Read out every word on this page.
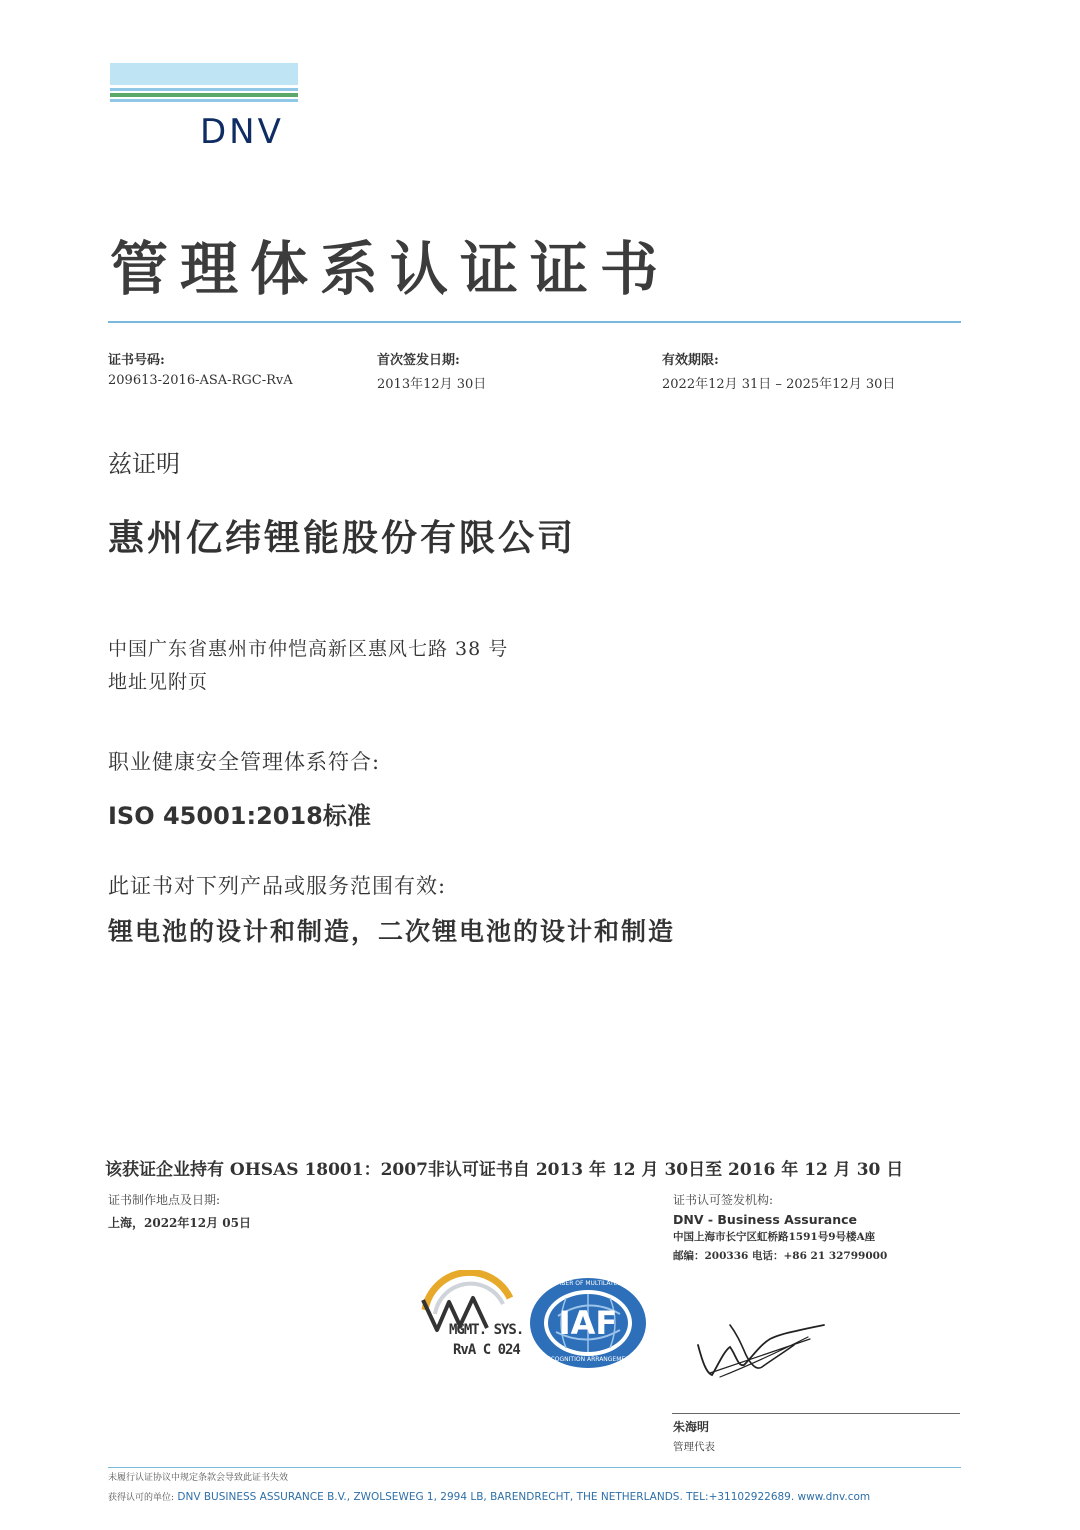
DNV
管理体系认证证书
证书号码:
209613-2016-ASA-RGC-RvA
首次签发日期:
2013年12月 30日
有效期限:
2022年12月 31日 – 2025年12月 30日
兹证明
惠州亿纬锂能股份有限公司
中国广东省惠州市仲恺高新区惠风七路 38 号
地址见附页
职业健康安全管理体系符合:
ISO 45001:2018标准
此证书对下列产品或服务范围有效:
锂电池的设计和制造，二次锂电池的设计和制造
该获证企业持有 OHSAS 18001：2007非认可证书自 2013 年 12 月 30日至 2016 年 12 月 30 日
证书制作地点及日期:
上海，2022年12月 05日
证书认可签发机构:
DNV - Business Assurance
中国上海市长宁区虹桥路1591号9号楼A座
邮编：200336 电话：+86 21 32799000
MGMT. SYS.
RvA C 024
IAF
MEMBER OF MULTILATERAL
RECOGNITION ARRANGEMENT
朱海明
管理代表
未履行认证协议中规定条款会导致此证书失效
获得认可的单位: DNV BUSINESS ASSURANCE B.V., ZWOLSEWEG 1, 2994 LB, BARENDRECHT, THE NETHERLANDS. TEL:+31102922689. www.dnv.com
